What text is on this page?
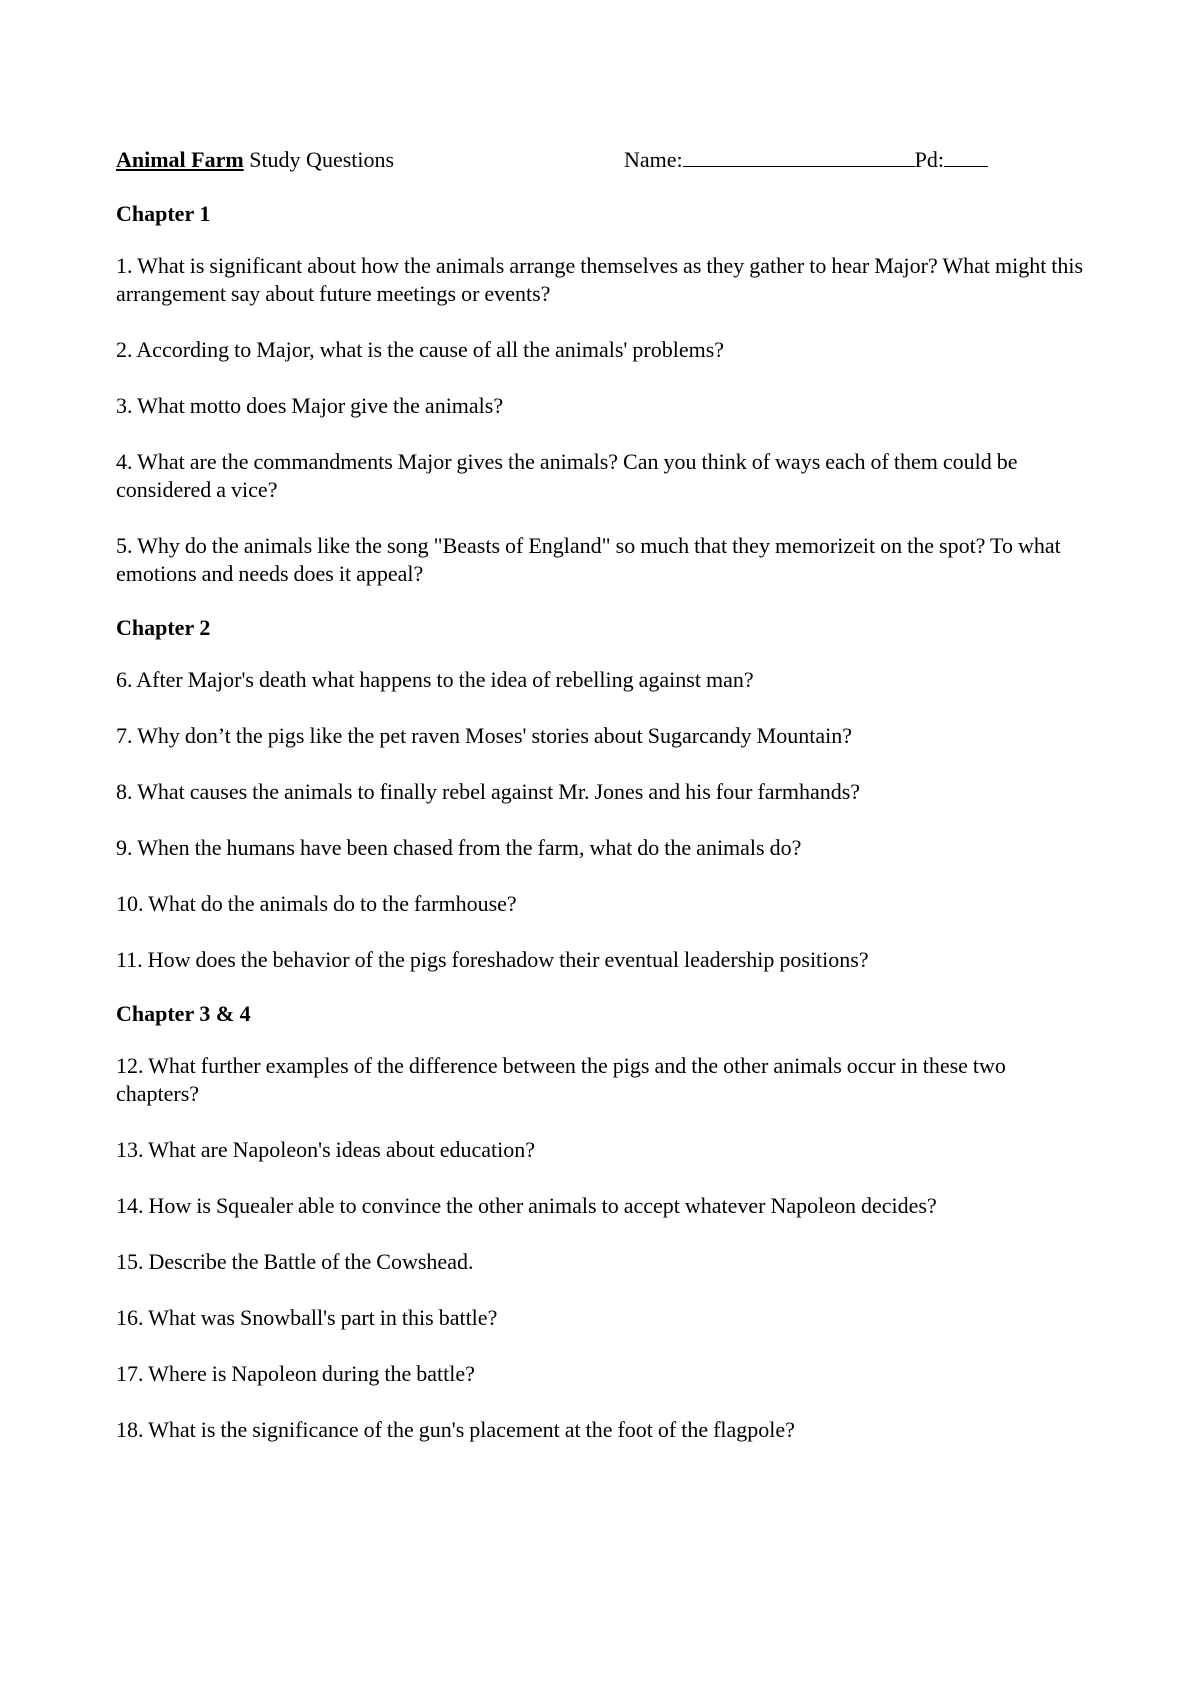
Animal Farm Study Questions	Name:	Pd:
Chapter 1
1. What is significant about how the animals arrange themselves as they gather to hear Major? What might this arrangement say about future meetings or events?
2. According to Major, what is the cause of all the animals' problems?
3. What motto does Major give the animals?
4. What are the commandments Major gives the animals? Can you think of ways each of them could be considered a vice?
5. Why do the animals like the song "Beasts of England" so much that they memorizeit on the spot? To what emotions and needs does it appeal?
Chapter 2
6. After Major's death what happens to the idea of rebelling against man?
7. Why don’t the pigs like the pet raven Moses' stories about Sugarcandy Mountain?
8. What causes the animals to finally rebel against Mr. Jones and his four farmhands?
9. When the humans have been chased from the farm, what do the animals do?
10. What do the animals do to the farmhouse?
11. How does the behavior of the pigs foreshadow their eventual leadership positions?
Chapter 3 & 4
12. What further examples of the difference between the pigs and the other animals occur in these two chapters?
13. What are Napoleon's ideas about education?
14. How is Squealer able to convince the other animals to accept whatever Napoleon decides?
15. Describe the Battle of the Cowshead.
16. What was Snowball's part in this battle?
17. Where is Napoleon during the battle?
18. What is the significance of the gun's placement at the foot of the flagpole?
